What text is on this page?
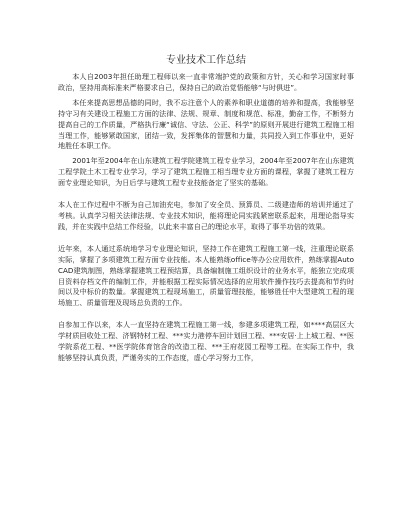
专业技术工作总结

本人自2003年担任助理工程师以来一直非常端护党的政策和方针，关心和学习国家时事政治，坚持用高标准来严格要求自己，保持自己的政治觉悟能够“与时俱进”。

本任来提高思想品德的同时，我不忘注意个人的素养和职业道德的培养和提高，我能够坚持守习有关建设工程施工方面的法律、法规、规章、制度和规范、标准，勤奋工作，不断努力提高自己的工作质量，严格执行廉“诚信、守法、公正、科学”的原则开展进行建筑工程施工相当理工作，能够紧敢国家，团结一致，发挥集体的智慧和力量，共同投入到工作事业中，更好地胜任本职工作。

2001年至2004年在山东建筑工程学院建筑工程专业学习，2004年至2007年在山东建筑工程学院土木工程专业学习，学习了建筑工程施工相当理专业方面的课程，掌握了建筑工程方面专业理论知识，为日后学与建筑工程专业技能备定了坚实的基础。

本人在工作过程中不断为自己加油充电，参加了安全员、预算员、二级建造师的培训并通过了考核。认真学习相关法律法规、专业技术知识，能将理论同实践紧密联系起来，用理论指导实践，并在实践中总结工作经验，以此来丰富自己的理论水平，取得了事半功倍的效果。

近年来，本人通过系统地学习专业理论知识，坚持工作在建筑工程施工第一线，注重理论联系实际，掌握了多项建筑工程方面专业技能。本人能熟练office等办公应用软件，熟练掌握Auto CAD建筑制图，熟练掌握建筑工程预结算，具备编制施工组织设计的业务水平，能独立完成项目资料存档文件的编制工作，并能根据工程实际情况选择的应用软件操作技巧去提高和节约时间以及中标价的数量。掌握建筑工程现场施工，质量管理技能，能够胜任中大型建筑工程的现场施工、质量管理及现场总负责的工作。

自参加工作以来，本人一直坚持在建筑工程施工第一线，参建多项建筑工程，如****高层区大学材质回收处工程、济钢特材工程、***实力港停车回计划回工程、***安居·上上城工程、**医学院系花工程、**医学院体育馆含的改造工程、***王府花园工程等工程。在实际工作中，我能够坚持认真负责，严谨务实的工作态度，虚心学习努力工作，
